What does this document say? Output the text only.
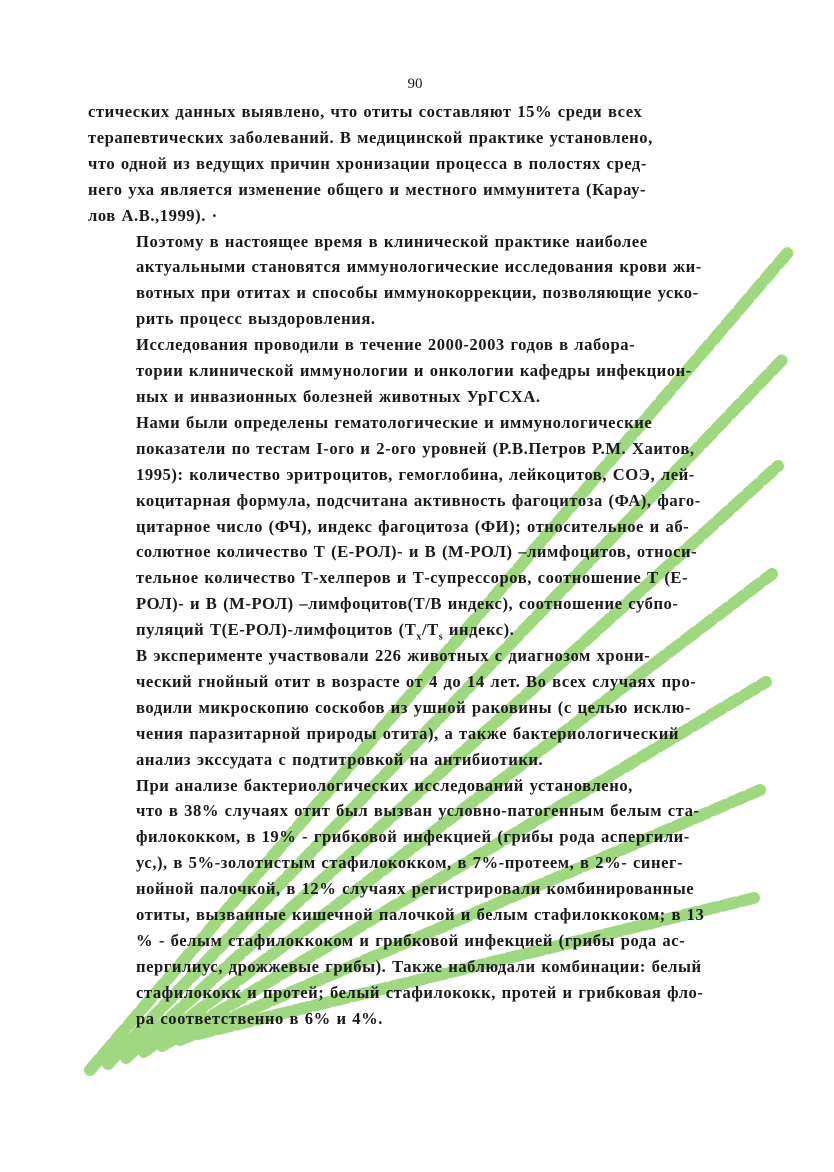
90

стических данных выявлено, что отиты составляют 15% среди всех
терапевтических заболеваний. В медицинской практике установлено,
что одной из ведущих причин хронизации процесса в полостях сред-
него уха является изменение общего и местного иммунитета (Карау-
лов А.В.,1999). ·

Поэтому в настоящее время в клинической практике наиболее
актуальными становятся иммунологические исследования крови жи-
вотных при отитах и способы иммунокоррекции, позволяющие уско-
рить процесс выздоровления.

Исследования проводили в течение 2000-2003 годов в лабора-
тории клинической иммунологии и онкологии кафедры инфекцион-
ных и инвазионных болезней животных УрГСХА.

Нами были определены гематологические и иммунологические
показатели по тестам I-ого и 2-ого уровней (Р.В.Петров Р.М. Хаитов,
1995): количество эритроцитов, гемоглобина, лейкоцитов, СОЭ, лей-
коцитарная формула, подсчитана активность фагоцитоза (ФА), фаго-
цитарное число (ФЧ), индекс фагоцитоза (ФИ); относительное и аб-
солютное количество Т (Е-РОЛ)- и В (М-РОЛ) –лимфоцитов, относи-
тельное количество Т-хелперов и Т-супрессоров, соотношение Т (Е-
РОЛ)- и В (М-РОЛ) –лимфоцитов(Т/В индекс), соотношение субпо-
пуляций Т(Е-РОЛ)-лимфоцитов ($Т_х/Т_s$ индекс).

В эксперименте участвовали 226 животных с диагнозом хрони-
ческий гнойный отит в возрасте от 4 до 14 лет. Во всех случаях про-
водили микроскопию соскобов из ушной раковины (с целью исклю-
чения паразитарной природы отита), а также бактериологический
анализ экссудата с подтитровкой на антибиотики.

При анализе бактериологических исследований установлено,
что в 38% случаях отит был вызван условно-патогенным белым ста-
филококком, в 19% - грибковой инфекцией (грибы рода аспергили-
ус,), в 5%-золотистым стафилококком, в 7%-протеем, в 2%- синег-
нойной палочкой, в 12% случаях регистрировали комбинированные
отиты, вызванные кишечной палочкой и белым стафилоккоком; в 13
% - белым стафилоккоком и грибковой инфекцией (грибы рода ас-
пергилиус, дрожжевые грибы). Также наблюдали комбинации: белый
стафилококк и протей; белый стафилококк, протей и грибковая фло-
ра соответственно в 6% и 4%.
